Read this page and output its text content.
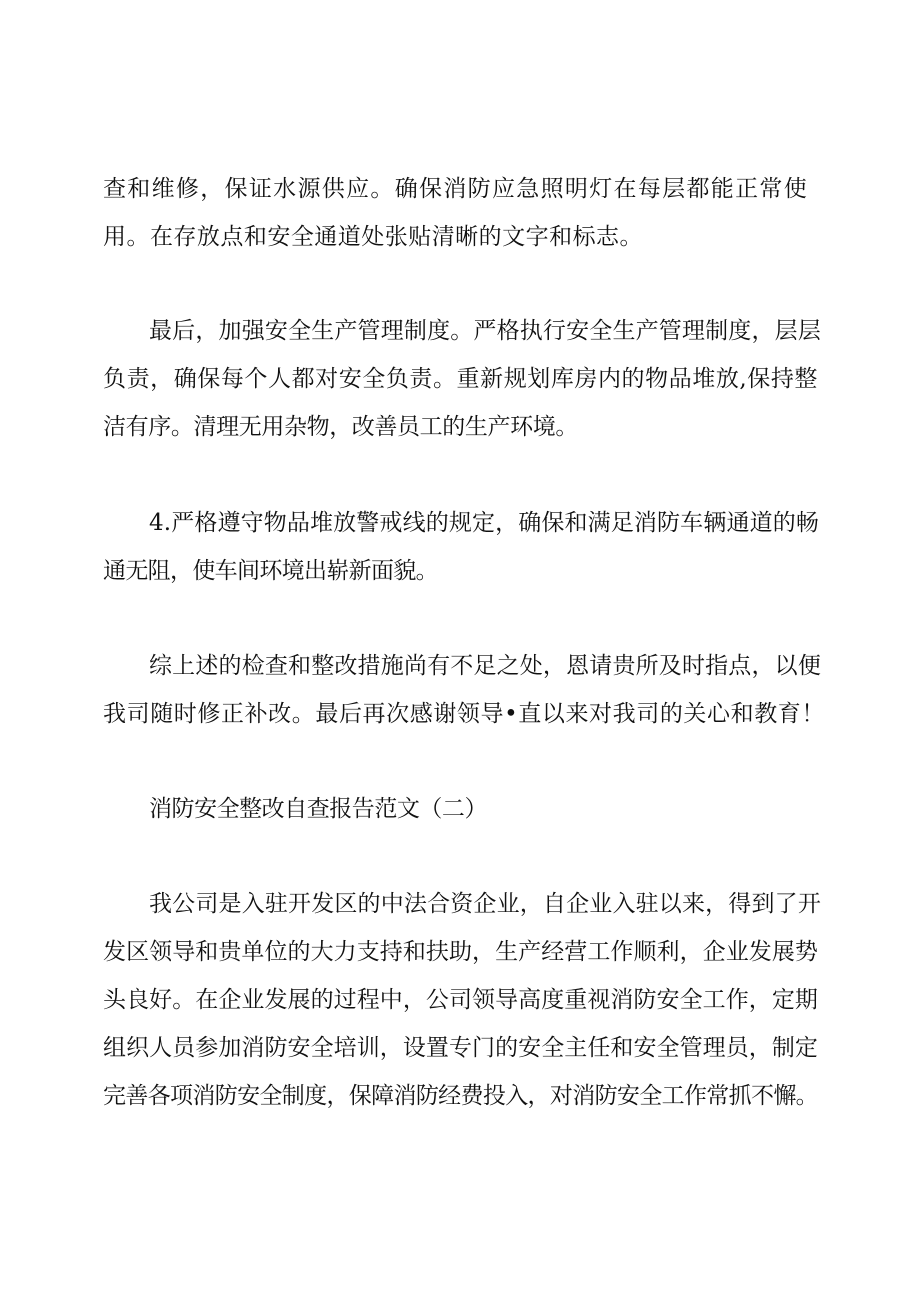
查和维修，保证水源供应。确保消防应急照明灯在每层都能正常使
用。在存放点和安全通道处张贴清晰的文字和标志。
最后，加强安全生产管理制度。严格执行安全生产管理制度，层层
负责，确保每个人都对安全负责。重新规划库房内的物品堆放,保持整
洁有序。清理无用杂物，改善员工的生产环境。
4.严格遵守物品堆放警戒线的规定，确保和满足消防车辆通道的畅
通无阻，使车间环境出崭新面貌。
综上述的检查和整改措施尚有不足之处，恩请贵所及时指点，以便
我司随时修正补改。最后再次感谢领导•直以来对我司的关心和教育！
消防安全整改自查报告范文（二）
我公司是入驻开发区的中法合资企业，自企业入驻以来，得到了开
发区领导和贵单位的大力支持和扶助，生产经营工作顺利，企业发展势
头良好。在企业发展的过程中，公司领导高度重视消防安全工作，定期
组织人员参加消防安全培训，设置专门的安全主任和安全管理员，制定
完善各项消防安全制度，保障消防经费投入，对消防安全工作常抓不懈。
